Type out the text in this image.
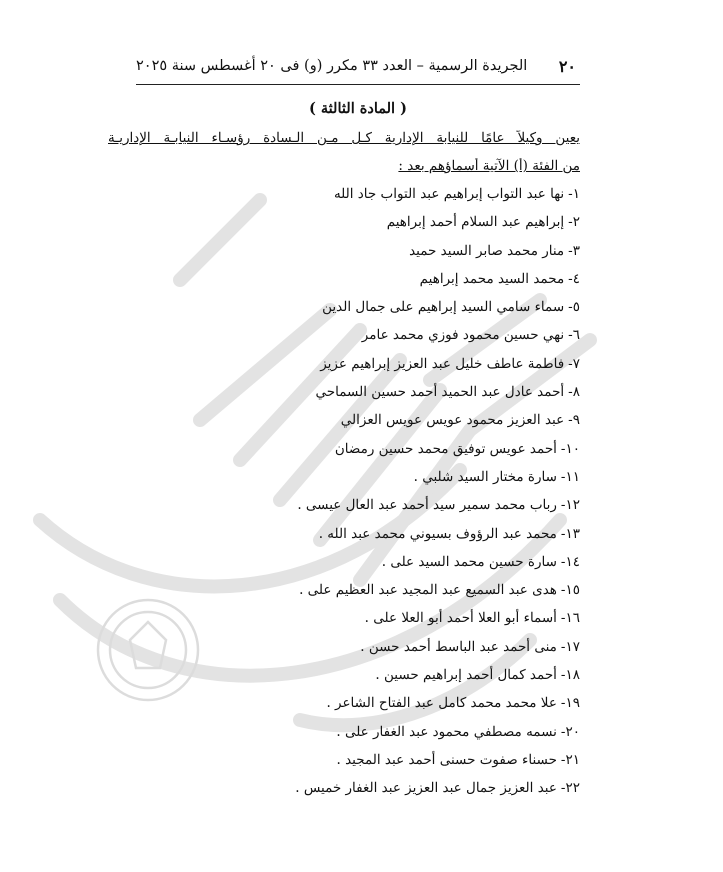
٢٠
الجريدة الرسمية – العدد ٣٣ مكرر (و) فى ٢٠ أغسطس سنة ٢٠٢٥
( المادة الثالثة )
يعين وكيلاً عامًا للنيابة الإدارية كـل مـن الـسادة رؤسـاء النيابـة الإداريـة
من الفئة (أ) الآتية أسماؤهم بعد :
١-نها عبد التواب إبراهيم عبد التواب جاد الله
٢-إبراهيم عبد السلام أحمد إبراهيم
٣-منار محمد صابر السيد حميد
٤-محمد السيد محمد إبراهيم
٥-سماء سامي السيد إبراهيم على جمال الدين
٦-نهي حسين محمود فوزي محمد عامر
٧-فاطمة عاطف خليل عبد العزيز إبراهيم عزيز
٨-أحمد عادل عبد الحميد أحمد حسين السماحي
٩-عبد العزيز محمود عويس عويس العزالي
١٠-أحمد عويس توفيق محمد حسين رمضان
١١-سارة مختار السيد شلبي .
١٢-رباب محمد سمير سيد أحمد عبد العال عيسى .
١٣-محمد عبد الرؤوف بسيوني محمد عبد الله .
١٤-سارة حسين محمد السيد على .
١٥-هدى عبد السميع عبد المجيد عبد العظيم على .
١٦-أسماء أبو العلا أحمد أبو العلا على .
١٧-منى أحمد عبد الباسط أحمد حسن .
١٨-أحمد كمال أحمد إبراهيم حسين .
١٩-علا محمد محمد كامل عبد الفتاح الشاعر .
٢٠-نسمه مصطفي محمود عبد الغفار على .
٢١-حسناء صفوت حسنى أحمد عبد المجيد .
٢٢-عبد العزيز جمال عبد العزيز عبد الغفار خميس .
